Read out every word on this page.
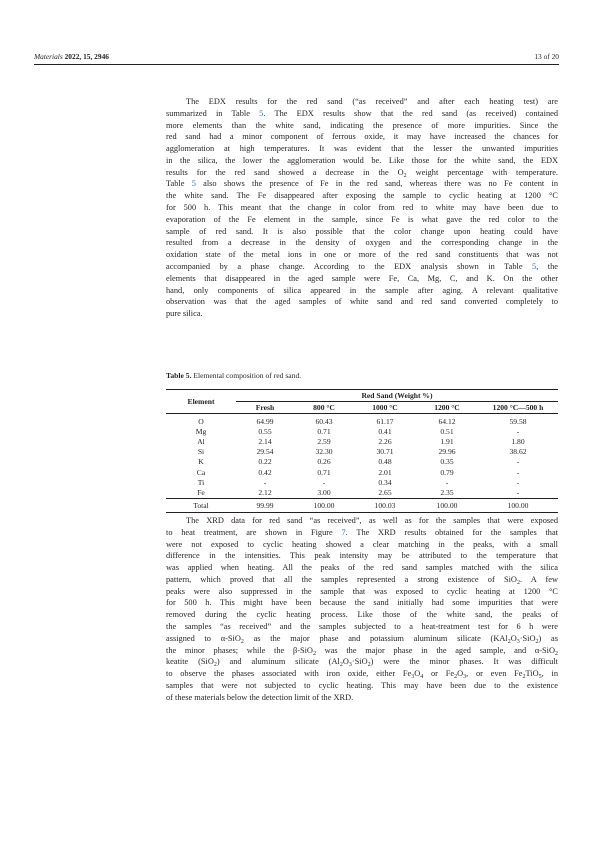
Materials 2022, 15, 2946	13 of 20

The EDX results for the red sand (“as received” and after each heating test) are
summarized in Table 5. The EDX results show that the red sand (as received) contained
more elements than the white sand, indicating the presence of more impurities. Since the
red sand had a minor component of ferrous oxide, it may have increased the chances for
agglomeration at high temperatures. It was evident that the lesser the unwanted impurities
in the silica, the lower the agglomeration would be. Like those for the white sand, the EDX
results for the red sand showed a decrease in the $O_2$ weight percentage with temperature.
Table 5 also shows the presence of Fe in the red sand, whereas there was no Fe content in
the white sand. The Fe disappeared after exposing the sample to cyclic heating at 1200 °C
for 500 h. This meant that the change in color from red to white may have been due to
evaporation of the Fe element in the sample, since Fe is what gave the red color to the
sample of red sand. It is also possible that the color change upon heating could have
resulted from a decrease in the density of oxygen and the corresponding change in the
oxidation state of the metal ions in one or more of the red sand constituents that was not
accompanied by a phase change. According to the EDX analysis shown in Table 5, the
elements that disappeared in the aged sample were Fe, Ca, Mg, C, and K. On the other
hand, only components of silica appeared in the sample after aging. A relevant qualitative
observation was that the aged samples of white sand and red sand converted completely to
pure silica.

Table 5. Elemental composition of red sand.
Element	Red Sand (Weight %)				
	Fresh	800 °C	1000 °C	1200 °C	1200 °C—500 h
O	64.99	60.43	61.17	64.12	59.58
Mg	0.55	0.71	0.41	0.51	-
Al	2.14	2.59	2.26	1.91	1.80
Si	29.54	32.30	30.71	29.96	38.62
K	0.22	0.26	0.48	0.35	-
Ca	0.42	0.71	2.01	0.79	-
Ti	-	-	0.34	-	-
Fe	2.12	3.00	2.65	2.35	-
Total	99.99	100.00	100.03	100.00	100.00

The XRD data for red sand “as received”, as well as for the samples that were exposed
to heat treatment, are shown in Figure 7. The XRD results obtained for the samples that
were not exposed to cyclic heating showed a clear matching in the peaks, with a small
difference in the intensities. This peak intensity may be attributed to the temperature that
was applied when heating. All the peaks of the red sand samples matched with the silica
pattern, which proved that all the samples represented a strong existence of SiO$_2$. A few
peaks were also suppressed in the sample that was exposed to cyclic heating at 1200 °C
for 500 h. This might have been because the sand initially had some impurities that were
removed during the cyclic heating process. Like those of the white sand, the peaks of
the samples “as received” and the samples subjected to a heat-treatment test for 6 h were
assigned to α-SiO$_2$ as the major phase and potassium aluminum silicate $(KAl_2O_3\cdot SiO_2)$ as
the minor phases; while the β-SiO$_2$ was the major phase in the aged sample, and α-SiO$_2$
keatite (SiO$_2$) and aluminum silicate $(Al_2O_3\cdot SiO_2)$ were the minor phases. It was difficult
to observe the phases associated with iron oxide, either $Fe_3O_4$ or $Fe_2O_3$, or even $Fe_2TiO_5$, in
samples that were not subjected to cyclic heating. This may have been due to the existence
of these materials below the detection limit of the XRD.
